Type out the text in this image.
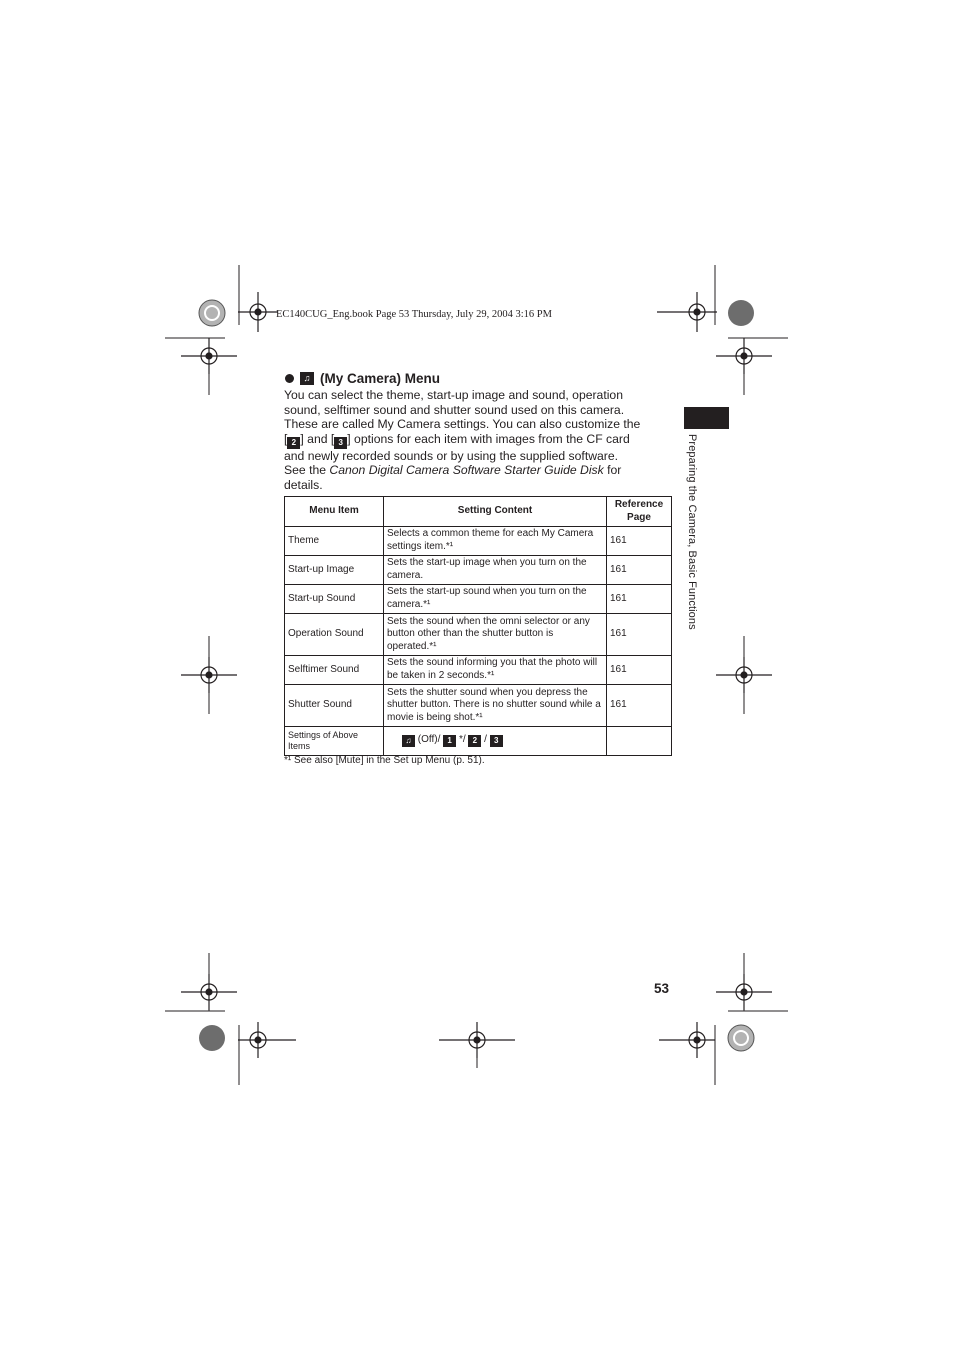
EC140CUG_Eng.book Page 53 Thursday, July 29, 2004 3:16 PM
♫ (My Camera) Menu

You can select the theme, start-up image and sound, operation

sound, selftimer sound and shutter sound used on this camera.

These are called My Camera settings. You can also customize the

[ 2 ] and [ 3 ] options for each item with images from the CF card

and newly recorded sounds or by using the supplied software.

See the Canon Digital Camera Software Starter Guide Disk for

details.

Menu Item	Setting Content	Reference Page
Theme	Selects a common theme for each My Camera settings item.*¹	161
Start-up Image	Sets the start-up image when you turn on the camera.	161
Start-up Sound	Sets the start-up sound when you turn on the camera.*¹	161
Operation Sound	Sets the sound when the omni selector or any button other than the shutter button is operated.*¹	161
Selftimer Sound	Sets the sound informing you that the photo will be taken in 2 seconds.*¹	161
Shutter Sound	Sets the shutter sound when you depress the shutter button. There is no shutter sound while a movie is being shot.*¹	161
Settings of Above Items	♫ (Off)/ 1 */ 2 / 3	
*¹ See also [Mute] in the Set up Menu (p. 51).
Preparing the Camera, Basic Functions
53
